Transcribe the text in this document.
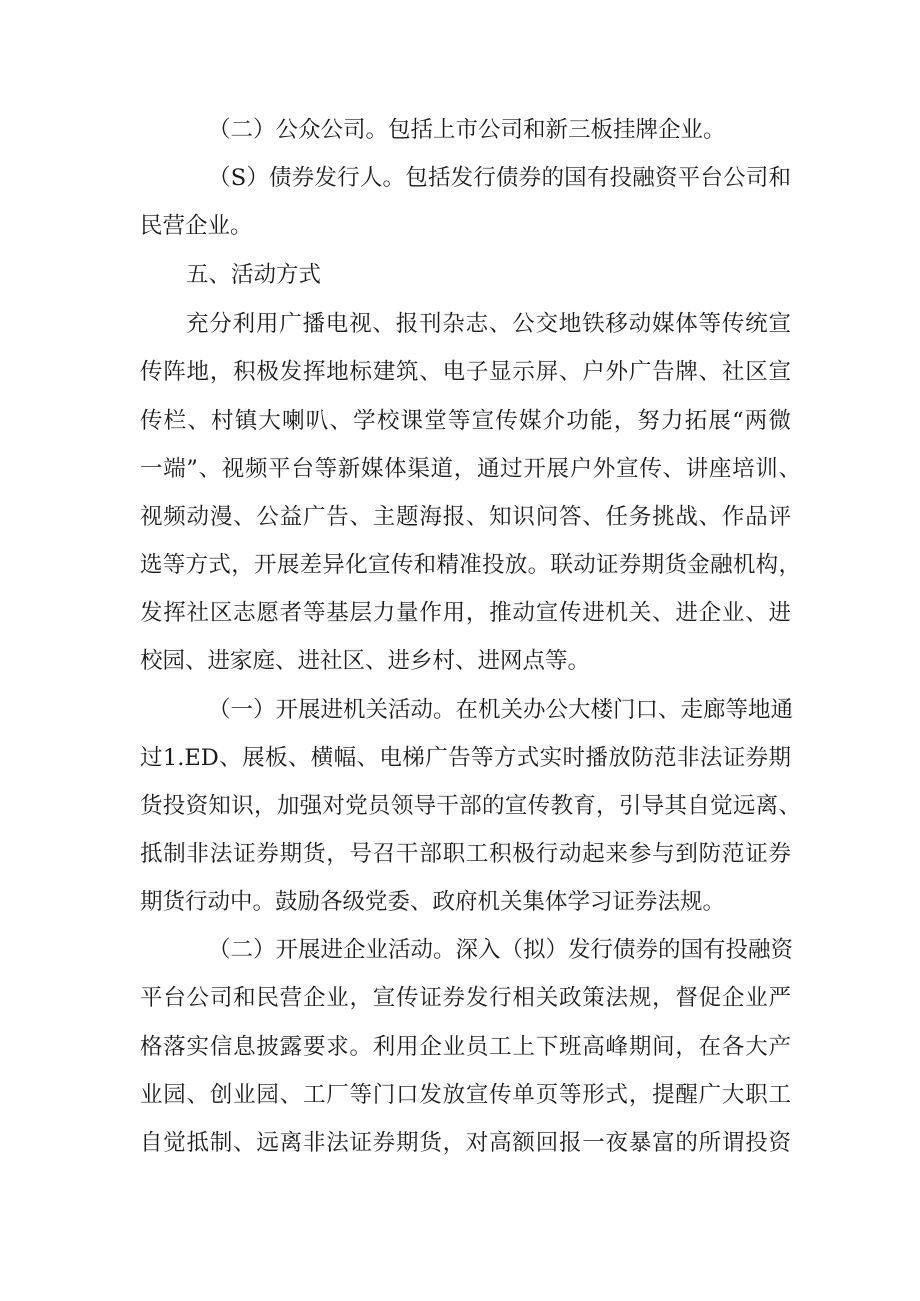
（二）公众公司。包括上市公司和新三板挂牌企业。
（S）债券发行人。包括发行债券的国有投融资平台公司和
民营企业。
五、活动方式
充分利用广播电视、报刊杂志、公交地铁移动媒体等传统宣
传阵地，积极发挥地标建筑、电子显示屏、户外广告牌、社区宣
传栏、村镇大喇叭、学校课堂等宣传媒介功能，努力拓展“两微
一端”、视频平台等新媒体渠道，通过开展户外宣传、讲座培训、
视频动漫、公益广告、主题海报、知识问答、任务挑战、作品评
选等方式，开展差异化宣传和精准投放。联动证券期货金融机构，
发挥社区志愿者等基层力量作用，推动宣传进机关、进企业、进
校园、进家庭、进社区、进乡村、进网点等。
（一）开展进机关活动。在机关办公大楼门口、走廊等地通
过1.ED、展板、横幅、电梯广告等方式实时播放防范非法证券期
货投资知识，加强对党员领导干部的宣传教育，引导其自觉远离、
抵制非法证券期货，号召干部职工积极行动起来参与到防范证券
期货行动中。鼓励各级党委、政府机关集体学习证券法规。
（二）开展进企业活动。深入（拟）发行债券的国有投融资
平台公司和民营企业，宣传证券发行相关政策法规，督促企业严
格落实信息披露要求。利用企业员工上下班高峰期间，在各大产
业园、创业园、工厂等门口发放宣传单页等形式，提醒广大职工
自觉抵制、远离非法证券期货，对高额回报一夜暴富的所谓投资
